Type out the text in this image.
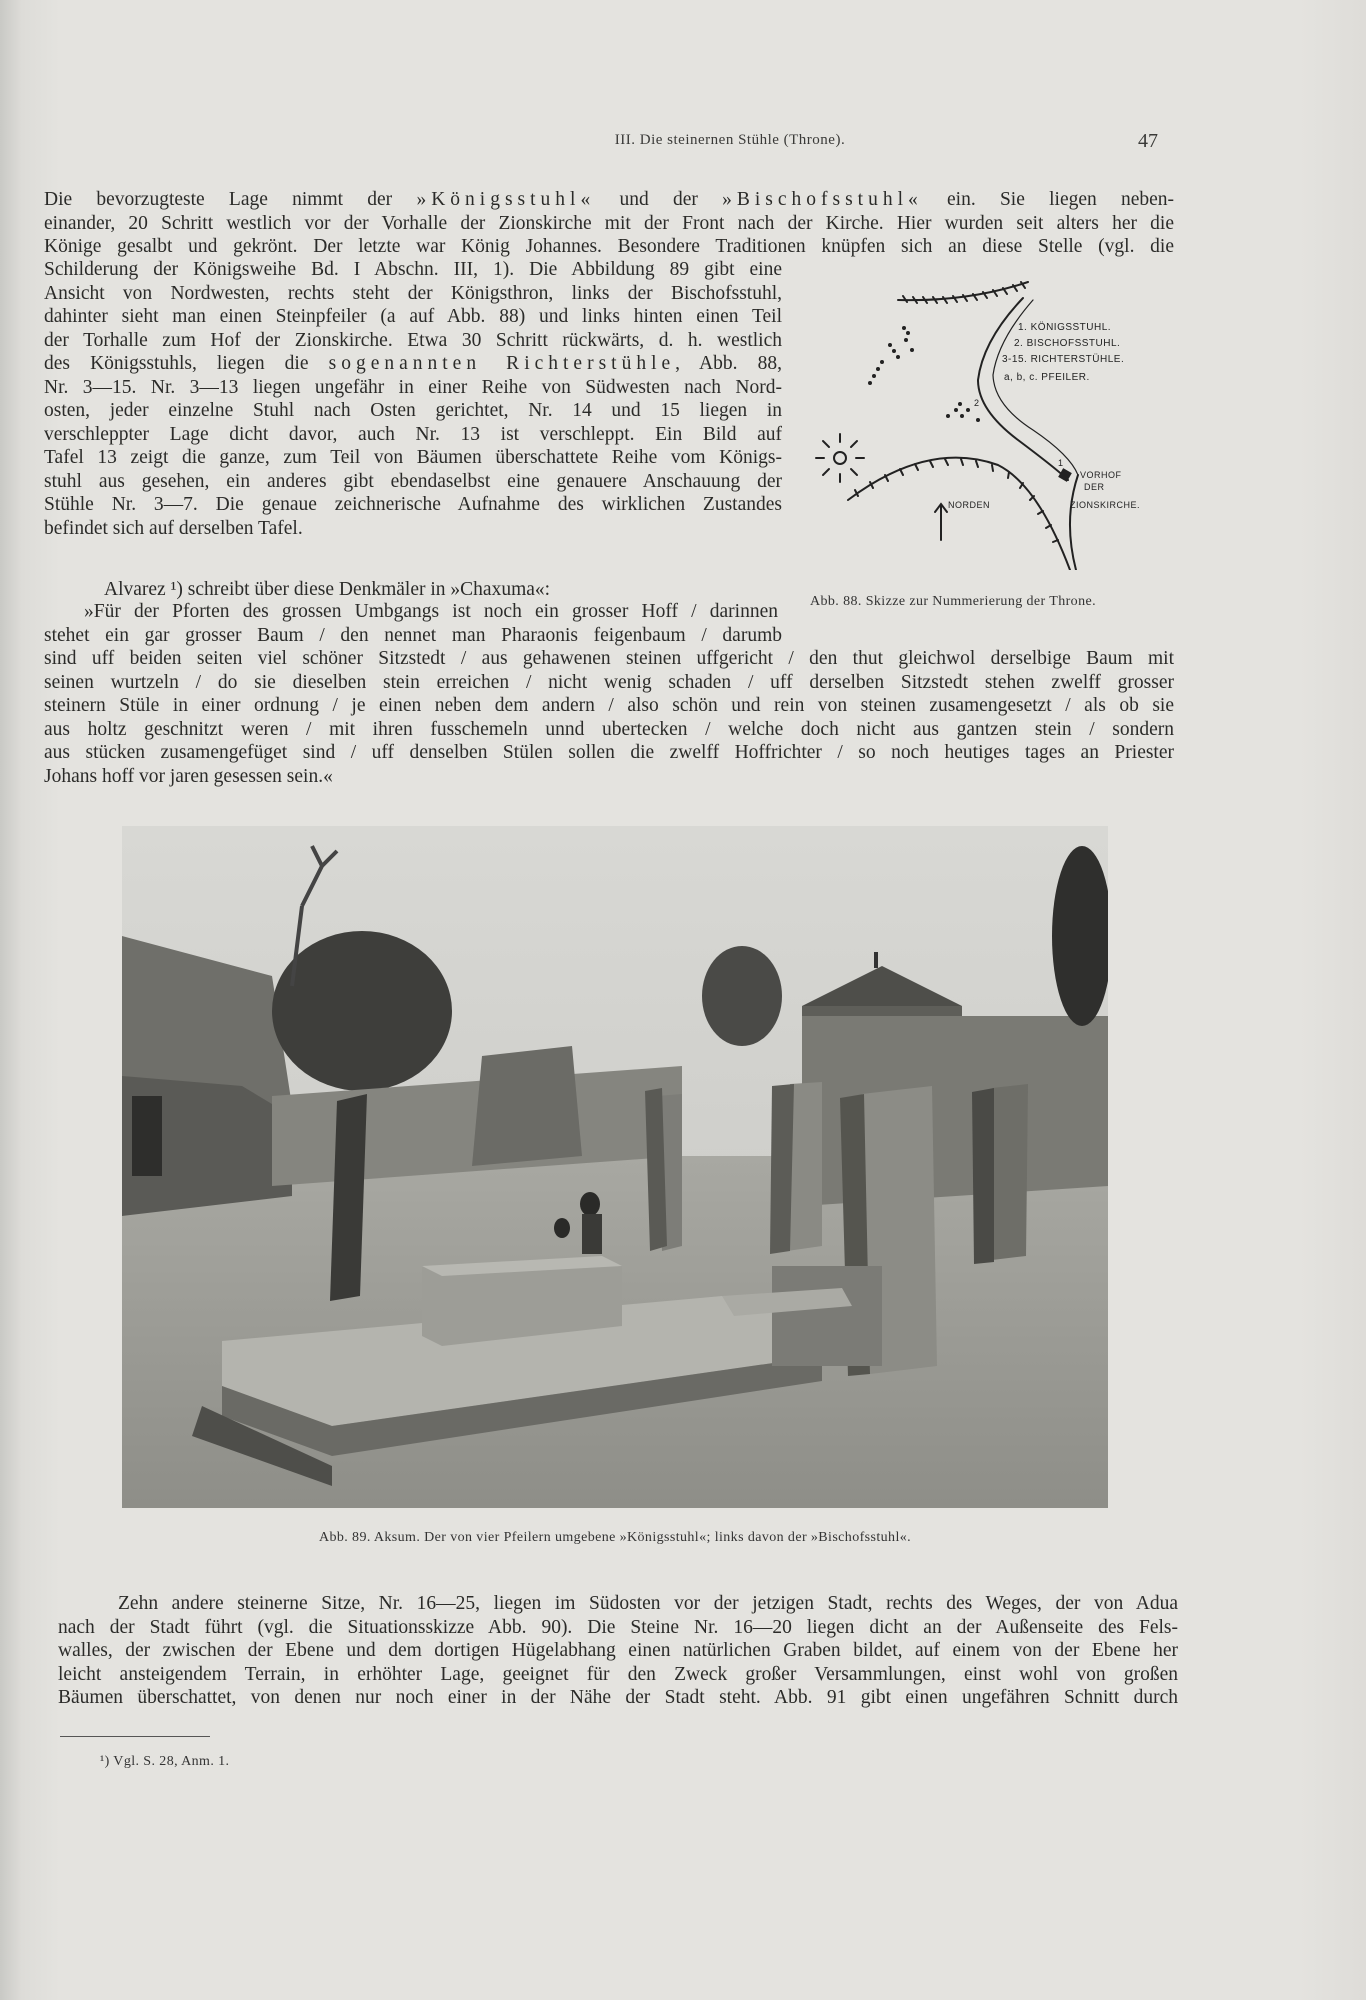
III. Die steinernen Stühle (Throne).	47
Die bevorzugteste Lage nimmt der »Königsstuhl« und der »Bischofsstuhl« ein. Sie liegen neben-
einander, 20 Schritt westlich vor der Vorhalle der Zionskirche mit der Front nach der Kirche. Hier wurden seit alters her die
Könige gesalbt und gekrönt. Der letzte war König Johannes. Besondere Traditionen knüpfen sich an diese Stelle (vgl. die
Schilderung der Königsweihe Bd. I Abschn. III, 1). Die Abbildung 89 gibt eine
Ansicht von Nordwesten, rechts steht der Königsthron, links der Bischofsstuhl,
dahinter sieht man einen Steinpfeiler (a auf Abb. 88) und links hinten einen Teil
der Torhalle zum Hof der Zionskirche. Etwa 30 Schritt rückwärts, d. h. westlich
des Königsstuhls, liegen die sogenannten Richterstühle, Abb. 88,
Nr. 3—15. Nr. 3—13 liegen ungefähr in einer Reihe von Südwesten nach Nord-
osten, jeder einzelne Stuhl nach Osten gerichtet, Nr. 14 und 15 liegen in
verschleppter Lage dicht davor, auch Nr. 13 ist verschleppt. Ein Bild auf
Tafel 13 zeigt die ganze, zum Teil von Bäumen überschattete Reihe vom Königs-
stuhl aus gesehen, ein anderes gibt ebendaselbst eine genauere Anschauung der
Stühle Nr. 3—7. Die genaue zeichnerische Aufnahme des wirklichen Zustandes
befindet sich auf derselben Tafel.
Alvarez ¹) schreibt über diese Denkmäler in »Chaxuma«:
»Für der Pforten des grossen Umbgangs ist noch ein grosser Hoff / darinnen
stehet ein gar grosser Baum / den nennet man Pharaonis feigenbaum / darumb
sind uff beiden seiten viel schöner Sitzstedt / aus gehawenen steinen uffgericht / den thut gleichwol derselbige Baum mit
seinen wurtzeln / do sie dieselben stein erreichen / nicht wenig schaden / uff derselben Sitzstedt stehen zwelff grosser
steinern Stüle in einer ordnung / je einen neben dem andern / also schön und rein von steinen zusamengesetzt / als ob sie
aus holtz geschnitzt weren / mit ihren fusschemeln unnd ubertecken / welche doch nicht aus gantzen stein / sondern
aus stücken zusamengefüget sind / uff denselben Stülen sollen die zwelff Hoffrichter / so noch heutiges tages an Priester
Johans hoff vor jaren gesessen sein.«
1. KÖNIGSSTUHL.
2. BISCHOFSSTUHL.
3-15. RICHTERSTÜHLE.
a, b, c. PFEILER.
NORDEN
VORHOF
DER
ZIONSKIRCHE.
2
1
Abb. 88. Skizze zur Nummerierung der Throne.
Abb. 89. Aksum. Der von vier Pfeilern umgebene »Königsstuhl«; links davon der »Bischofsstuhl«.
Zehn andere steinerne Sitze, Nr. 16—25, liegen im Südosten vor der jetzigen Stadt, rechts des Weges, der von Adua
nach der Stadt führt (vgl. die Situationsskizze Abb. 90). Die Steine Nr. 16—20 liegen dicht an der Außenseite des Fels-
walles, der zwischen der Ebene und dem dortigen Hügelabhang einen natürlichen Graben bildet, auf einem von der Ebene her
leicht ansteigendem Terrain, in erhöhter Lage, geeignet für den Zweck großer Versammlungen, einst wohl von großen
Bäumen überschattet, von denen nur noch einer in der Nähe der Stadt steht. Abb. 91 gibt einen ungefähren Schnitt durch
¹) Vgl. S. 28, Anm. 1.
